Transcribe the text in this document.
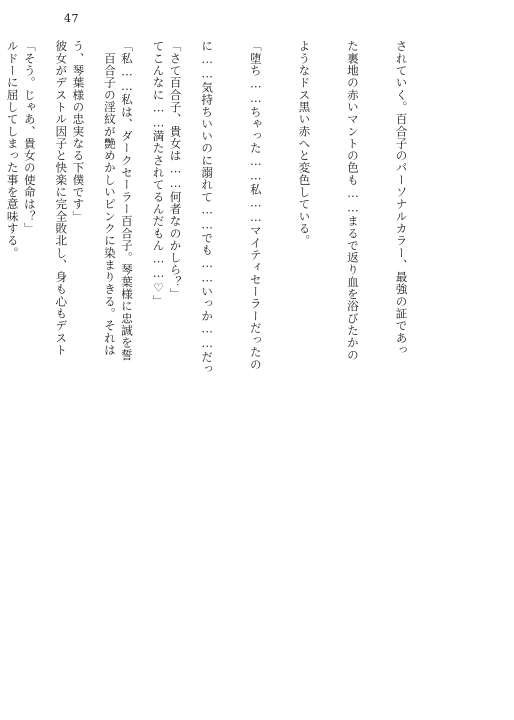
47

されていく。百合子のパーソナルカラー、最強の証であっ

た裏地の赤いマントの色も……まるで返り血を浴びたかの

ようなドス黒い赤へと変色している。

「堕ち……ちゃった……私……マイティセーラーだったの

に……気持ちいいのに溺れて……でも……いっか……だっ

てこんなに……満たされてるんだもん……♡」

　百合子の淫紋が艶めかしいピンクに染まりきる。それは

彼女がデストル因子と快楽に完全敗北し、身も心もデスト

ルドーに屈してしまった事を意味する。

	「さて百合子、貴女は……何者なのかしら？」

「私……私は、ダークセーラー百合子。琴葉様に忠誠を誓

う、琴葉様の忠実なる下僕です」

「そう。じゃあ、貴女の使命は？」
